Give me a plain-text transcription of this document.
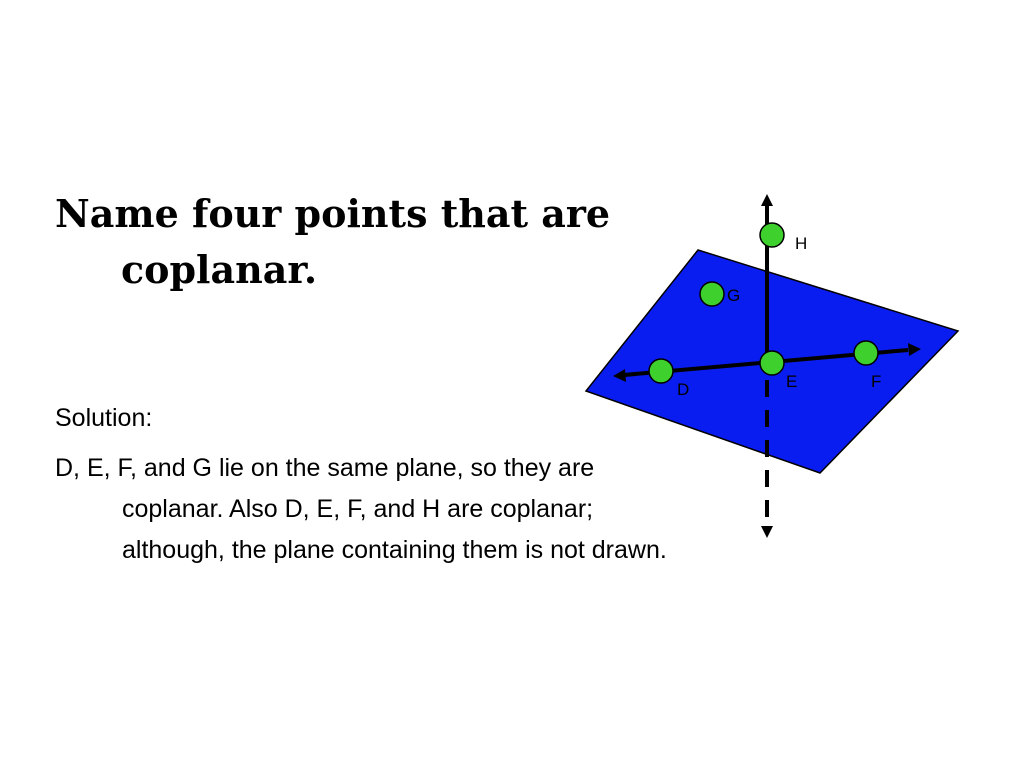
Name four points that are coplanar.
Solution:

D, E, F, and G lie on the same plane, so they are coplanar. Also D, E, F, and H are coplanar; although, the plane containing them is not drawn.

H
G
D	E	F
